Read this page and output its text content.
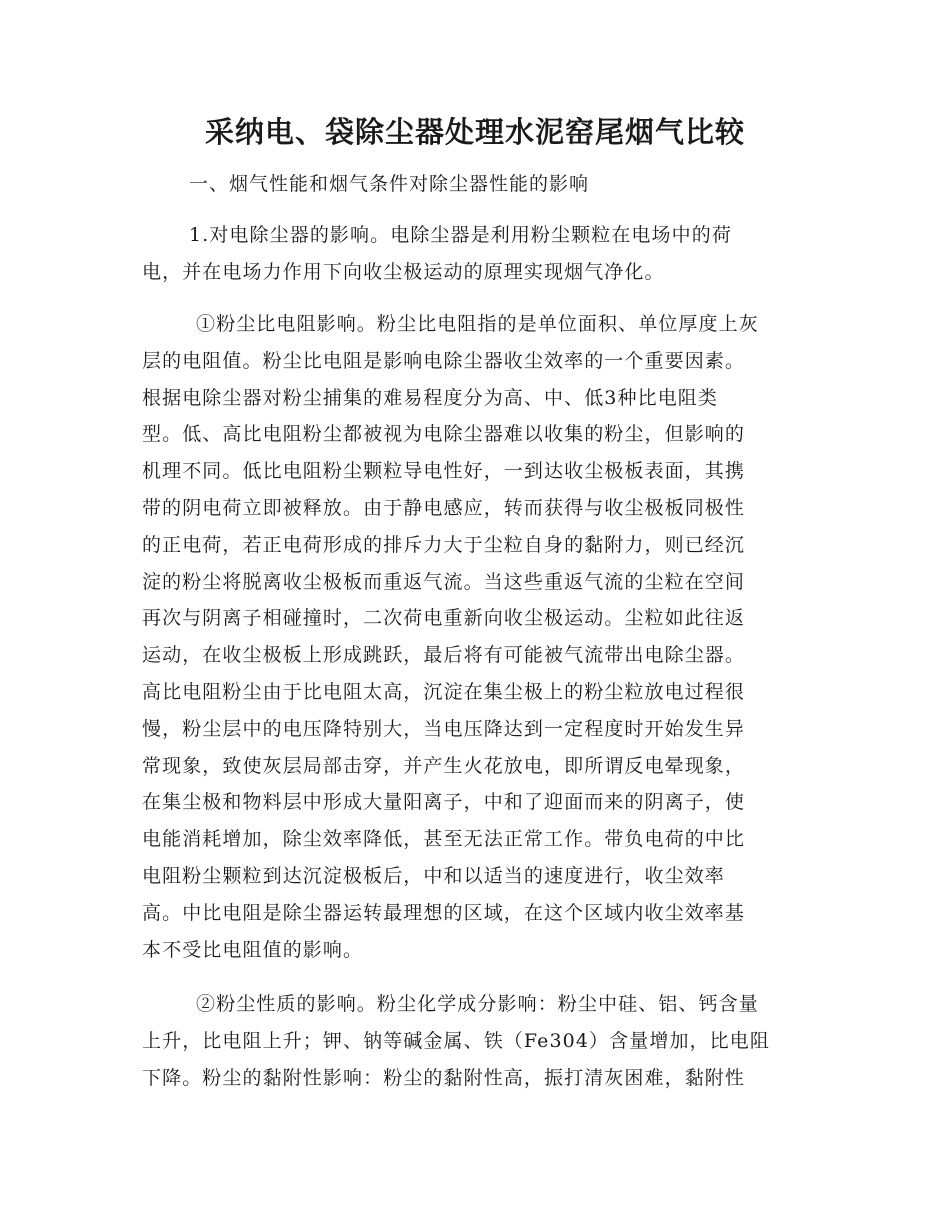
采纳电、袋除尘器处理水泥窑尾烟气比较
一、烟气性能和烟气条件对除尘器性能的影响
1.对电除尘器的影响。电除尘器是利用粉尘颗粒在电场中的荷
电，并在电场力作用下向收尘极运动的原理实现烟气净化。
①粉尘比电阻影响。粉尘比电阻指的是单位面积、单位厚度上灰
层的电阻值。粉尘比电阻是影响电除尘器收尘效率的一个重要因素。
根据电除尘器对粉尘捕集的难易程度分为高、中、低3种比电阻类
型。低、高比电阻粉尘都被视为电除尘器难以收集的粉尘，但影响的
机理不同。低比电阻粉尘颗粒导电性好，一到达收尘极板表面，其携
带的阴电荷立即被释放。由于静电感应，转而获得与收尘极板同极性
的正电荷，若正电荷形成的排斥力大于尘粒自身的黏附力，则已经沉
淀的粉尘将脱离收尘极板而重返气流。当这些重返气流的尘粒在空间
再次与阴离子相碰撞时，二次荷电重新向收尘极运动。尘粒如此往返
运动，在收尘极板上形成跳跃，最后将有可能被气流带出电除尘器。
高比电阻粉尘由于比电阻太高，沉淀在集尘极上的粉尘粒放电过程很
慢，粉尘层中的电压降特别大，当电压降达到一定程度时开始发生异
常现象，致使灰层局部击穿，并产生火花放电，即所谓反电晕现象，
在集尘极和物料层中形成大量阳离子，中和了迎面而来的阴离子，使
电能消耗增加，除尘效率降低，甚至无法正常工作。带负电荷的中比
电阻粉尘颗粒到达沉淀极板后，中和以适当的速度进行，收尘效率
高。中比电阻是除尘器运转最理想的区域，在这个区域内收尘效率基
本不受比电阻值的影响。
②粉尘性质的影响。粉尘化学成分影响：粉尘中硅、铝、钙含量
上升，比电阻上升；钾、钠等碱金属、铁（Fe304）含量增加，比电阻
下降。粉尘的黏附性影响：粉尘的黏附性高，振打清灰困难，黏附性
